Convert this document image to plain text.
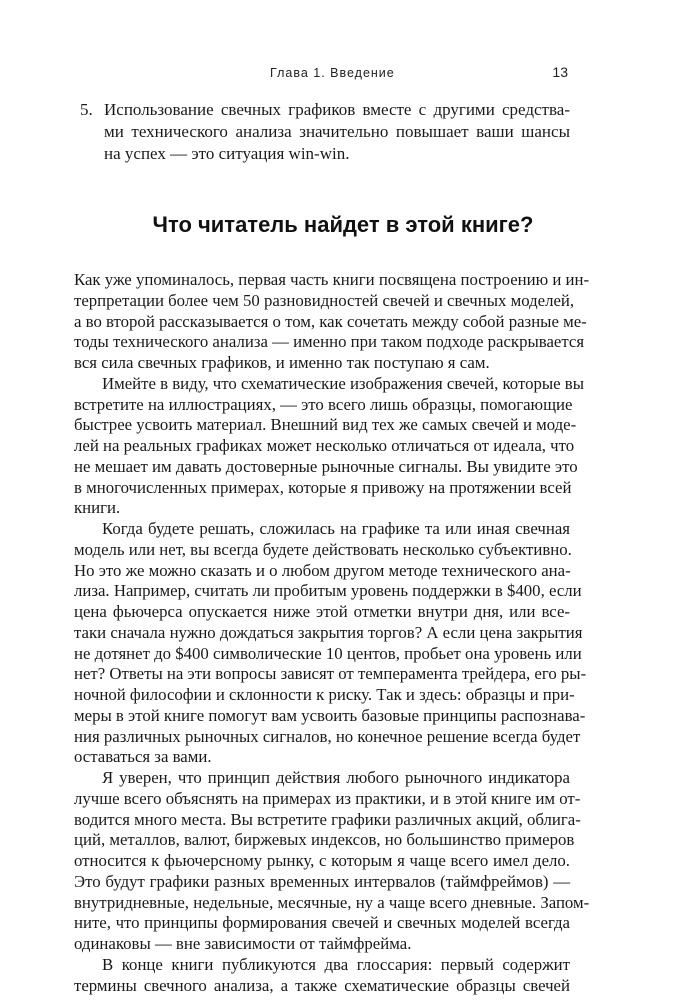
Глава 1. Введение	13
5. Использование свечных графиков вместе с другими средства-
ми технического анализа значительно повышает ваши шансы
на успех — это ситуация win-win.
Что читатель найдет в этой книге?
Как уже упоминалось, первая часть книги посвящена построению и ин-
терпретации более чем 50 разновидностей свечей и свечных моделей,
а во второй рассказывается о том, как сочетать между собой разные ме-
тоды технического анализа — именно при таком подходе раскрывается
вся сила свечных графиков, и именно так поступаю я сам.
Имейте в виду, что схематические изображения свечей, которые вы
встретите на иллюстрациях, — это всего лишь образцы, помогающие
быстрее усвоить материал. Внешний вид тех же самых свечей и моде-
лей на реальных графиках может несколько отличаться от идеала, что
не мешает им давать достоверные рыночные сигналы. Вы увидите это
в многочисленных примерах, которые я привожу на протяжении всей
книги.
Когда будете решать, сложилась на графике та или иная свечная
модель или нет, вы всегда будете действовать несколько субъективно.
Но это же можно сказать и о любом другом методе технического ана-
лиза. Например, считать ли пробитым уровень поддержки в $400, если
цена фьючерса опускается ниже этой отметки внутри дня, или все-
таки сначала нужно дождаться закрытия торгов? А если цена закрытия
не дотянет до $400 символические 10 центов, пробьет она уровень или
нет? Ответы на эти вопросы зависят от темперамента трейдера, его ры-
ночной философии и склонности к риску. Так и здесь: образцы и при-
меры в этой книге помогут вам усвоить базовые принципы распознава-
ния различных рыночных сигналов, но конечное решение всегда будет
оставаться за вами.
Я уверен, что принцип действия любого рыночного индикатора
лучше всего объяснять на примерах из практики, и в этой книге им от-
водится много места. Вы встретите графики различных акций, облига-
ций, металлов, валют, биржевых индексов, но большинство примеров
относится к фьючерсному рынку, с которым я чаще всего имел дело.
Это будут графики разных временных интервалов (таймфреймов) —
внутридневные, недельные, месячные, ну а чаще всего дневные. Запом-
ните, что принципы формирования свечей и свечных моделей всегда
одинаковы — вне зависимости от таймфрейма.
В конце книги публикуются два глоссария: первый содержит
термины свечного анализа, а также схематические образцы свечей
